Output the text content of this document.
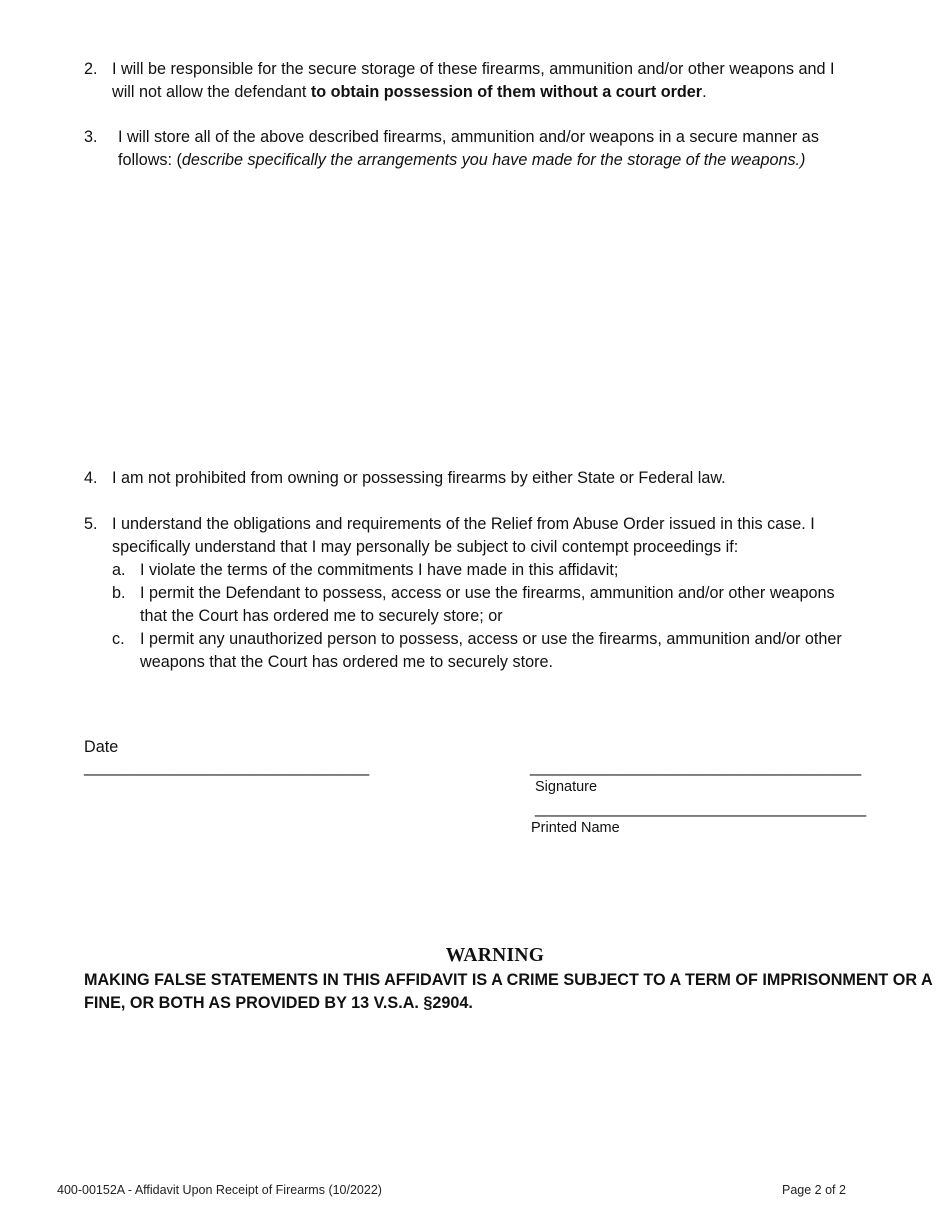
2. I will be responsible for the secure storage of these firearms, ammunition and/or other weapons and I
will not allow the defendant to obtain possession of them without a court order.
3. I will store all of the above described firearms, ammunition and/or weapons in a secure manner as
follows: (describe specifically the arrangements you have made for the storage of the weapons.)
4. I am not prohibited from owning or possessing firearms by either State or Federal law.
5. I understand the obligations and requirements of the Relief from Abuse Order issued in this case. I
specifically understand that I may personally be subject to civil contempt proceedings if:
a. I violate the terms of the commitments I have made in this affidavit;
b. I permit the Defendant to possess, access or use the firearms, ammunition and/or other weapons
that the Court has ordered me to securely store; or
c. I permit any unauthorized person to possess, access or use the firearms, ammunition and/or other
weapons that the Court has ordered me to securely store.
Date
_______________________________	____________________________________
Signature
____________________________________
Printed Name
WARNING
MAKING FALSE STATEMENTS IN THIS AFFIDAVIT IS A CRIME SUBJECT TO A TERM OF IMPRISONMENT OR A
FINE, OR BOTH AS PROVIDED BY 13 V.S.A. §2904.
400-00152A - Affidavit Upon Receipt of Firearms (10/2022)	Page 2 of 2
